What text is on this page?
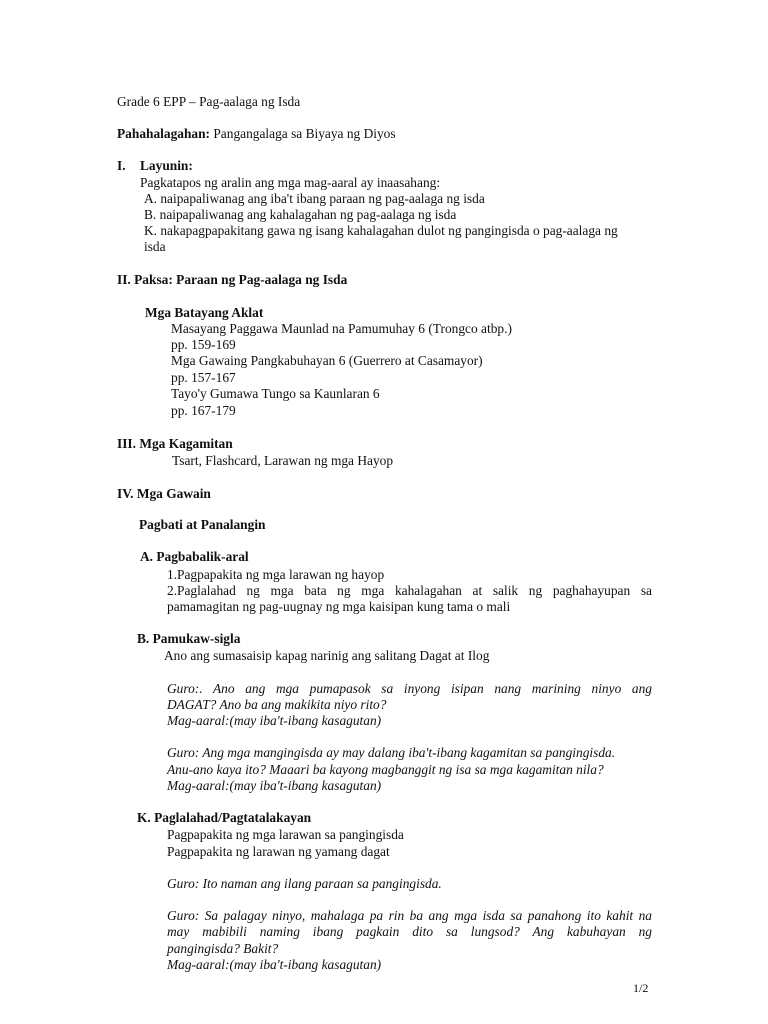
Grade 6 EPP – Pag-aalaga ng Isda
Pahahalagahan: Pangangalaga sa Biyaya ng Diyos
I. Layunin:
Pagkatapos ng aralin ang mga mag-aaral ay inaasahang:
A. naipapaliwanag ang iba't ibang paraan ng pag-aalaga ng isda
B. naipapaliwanag ang kahalagahan ng pag-aalaga ng isda
K. nakapagpapakitang gawa ng isang kahalagahan dulot ng pangingisda o pag-aalaga ng
isda
II. Paksa: Paraan ng Pag-aalaga ng Isda
Mga Batayang Aklat
Masayang Paggawa Maunlad na Pamumuhay 6 (Trongco atbp.)
pp. 159-169
Mga Gawaing Pangkabuhayan 6 (Guerrero at Casamayor)
pp. 157-167
Tayo'y Gumawa Tungo sa Kaunlaran 6
pp. 167-179
III. Mga Kagamitan
Tsart, Flashcard, Larawan ng mga Hayop
IV. Mga Gawain
Pagbati at Panalangin
A. Pagbabalik-aral
1.Pagpapakita ng mga larawan ng hayop
2.Paglalahad ng mga bata ng mga kahalagahan at salik ng paghahayupan sa
pamamagitan ng pag-uugnay ng mga kaisipan kung tama o mali
B. Pamukaw-sigla
Ano ang sumasaisip kapag narinig ang salitang Dagat at Ilog
Guro:. Ano ang mga pumapasok sa inyong isipan nang marining ninyo ang
DAGAT? Ano ba ang makikita niyo rito?
Mag-aaral:(may iba't-ibang kasagutan)
Guro: Ang mga mangingisda ay may dalang iba't-ibang kagamitan sa pangingisda.
Anu-ano kaya ito? Maaari ba kayong magbanggit ng isa sa mga kagamitan nila?
Mag-aaral:(may iba't-ibang kasagutan)
K. Paglalahad/Pagtatalakayan
Pagpapakita ng mga larawan sa pangingisda
Pagpapakita ng larawan ng yamang dagat
Guro: Ito naman ang ilang paraan sa pangingisda.
Guro: Sa palagay ninyo, mahalaga pa rin ba ang mga isda sa panahong ito kahit na
may mabibili naming ibang pagkain dito sa lungsod? Ang kabuhayan ng
pangingisda? Bakit?
Mag-aaral:(may iba't-ibang kasagutan)
1/2
